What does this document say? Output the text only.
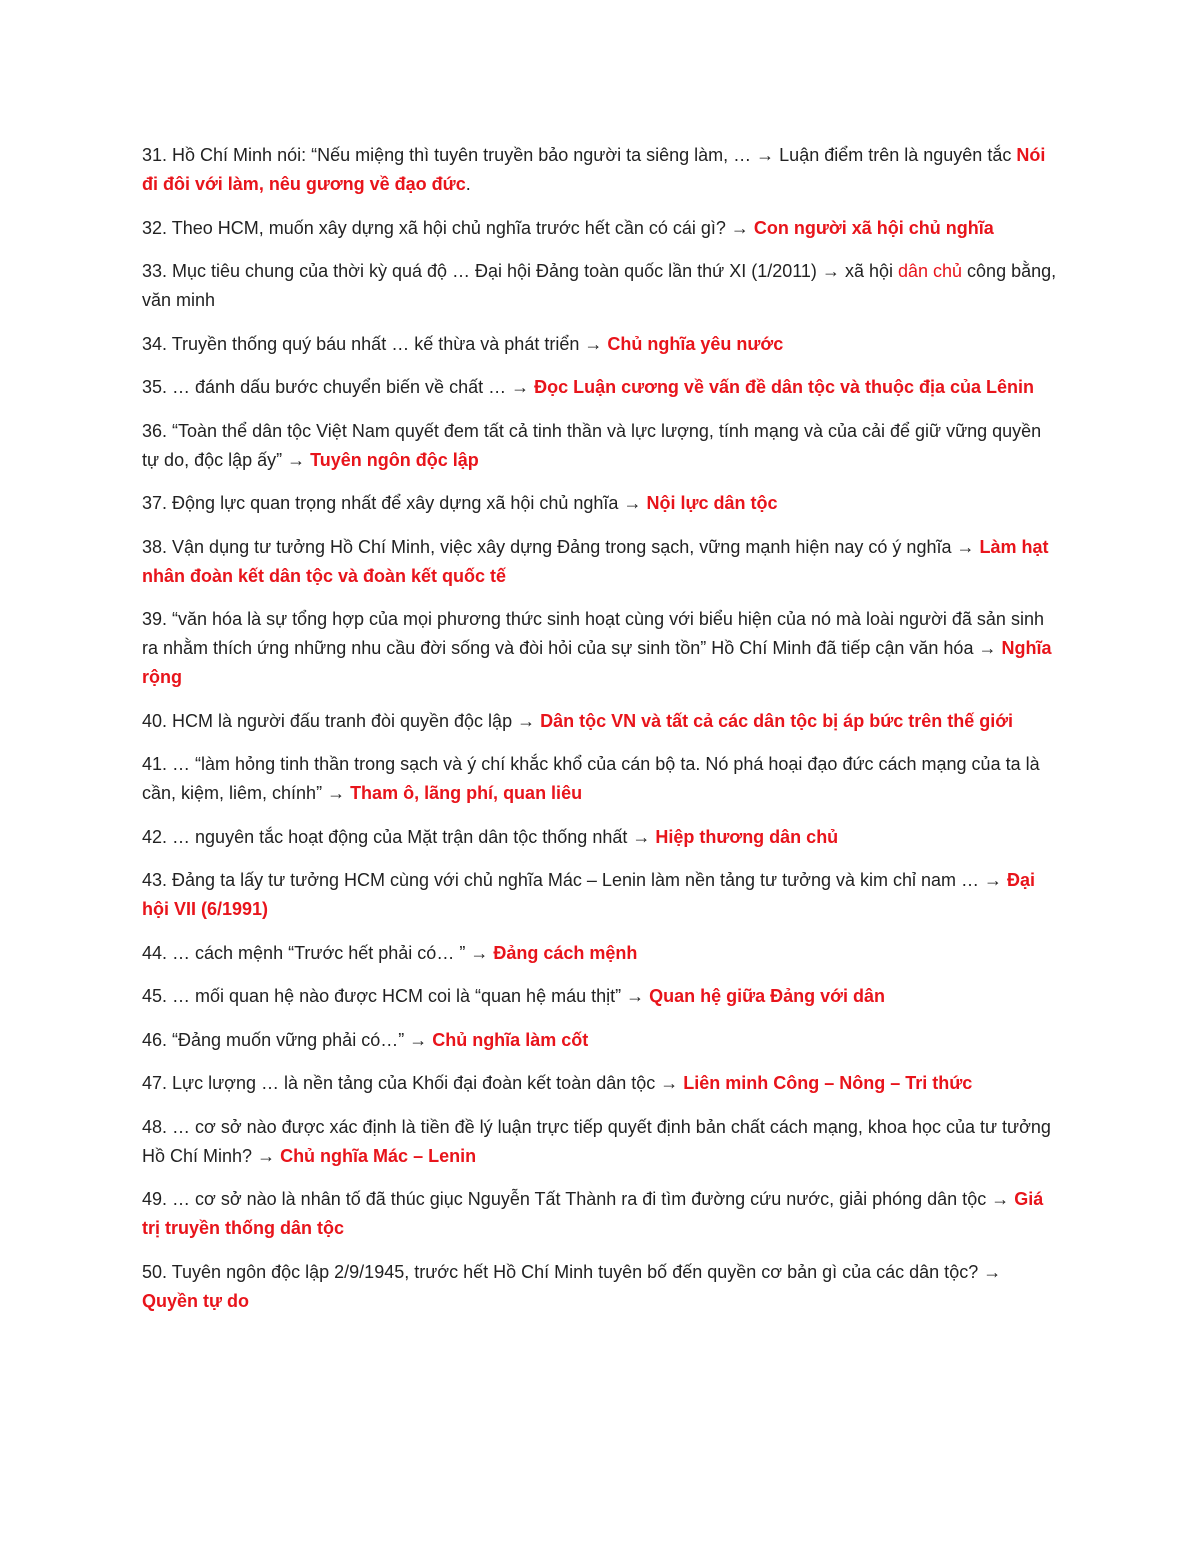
31. Hồ Chí Minh nói: “Nếu miệng thì tuyên truyền bảo người ta siêng làm, … → Luận điểm trên là nguyên tắc Nói đi đôi với làm, nêu gương về đạo đức.
32. Theo HCM, muốn xây dựng xã hội chủ nghĩa trước hết cần có cái gì? → Con người xã hội chủ nghĩa
33. Mục tiêu chung của thời kỳ quá độ … Đại hội Đảng toàn quốc lần thứ XI (1/2011) → xã hội dân chủ công bằng, văn minh
34. Truyền thống quý báu nhất … kế thừa và phát triển → Chủ nghĩa yêu nước
35. … đánh dấu bước chuyển biến về chất … → Đọc Luận cương về vấn đề dân tộc và thuộc địa của Lênin
36. “Toàn thể dân tộc Việt Nam quyết đem tất cả tinh thần và lực lượng, tính mạng và của cải để giữ vững quyền tự do, độc lập ấy” → Tuyên ngôn độc lập
37. Động lực quan trọng nhất để xây dựng xã hội chủ nghĩa → Nội lực dân tộc
38. Vận dụng tư tưởng Hồ Chí Minh, việc xây dựng Đảng trong sạch, vững mạnh hiện nay có ý nghĩa → Làm hạt nhân đoàn kết dân tộc và đoàn kết quốc tế
39. “văn hóa là sự tổng hợp của mọi phương thức sinh hoạt cùng với biểu hiện của nó mà loài người đã sản sinh ra nhằm thích ứng những nhu cầu đời sống và đòi hỏi của sự sinh tồn” Hồ Chí Minh đã tiếp cận văn hóa → Nghĩa rộng
40. HCM là người đấu tranh đòi quyền độc lập → Dân tộc VN và tất cả các dân tộc bị áp bức trên thế giới
41. … “làm hỏng tinh thần trong sạch và ý chí khắc khổ của cán bộ ta. Nó phá hoại đạo đức cách mạng của ta là cần, kiệm, liêm, chính” → Tham ô, lãng phí, quan liêu
42. … nguyên tắc hoạt động của Mặt trận dân tộc thống nhất → Hiệp thương dân chủ
43. Đảng ta lấy tư tưởng HCM cùng với chủ nghĩa Mác – Lenin làm nền tảng tư tưởng và kim chỉ nam … → Đại hội VII (6/1991)
44. … cách mệnh “Trước hết phải có… ” → Đảng cách mệnh
45. … mối quan hệ nào được HCM coi là “quan hệ máu thịt” → Quan hệ giữa Đảng với dân
46. “Đảng muốn vững phải có…” → Chủ nghĩa làm cốt
47. Lực lượng … là nền tảng của Khối đại đoàn kết toàn dân tộc → Liên minh Công – Nông – Tri thức
48. … cơ sở nào được xác định là tiền đề lý luận trực tiếp quyết định bản chất cách mạng, khoa học của tư tưởng Hồ Chí Minh? → Chủ nghĩa Mác – Lenin
49. … cơ sở nào là nhân tố đã thúc giục Nguyễn Tất Thành ra đi tìm đường cứu nước, giải phóng dân tộc → Giá trị truyền thống dân tộc
50. Tuyên ngôn độc lập 2/9/1945, trước hết Hồ Chí Minh tuyên bố đến quyền cơ bản gì của các dân tộc? → Quyền tự do
